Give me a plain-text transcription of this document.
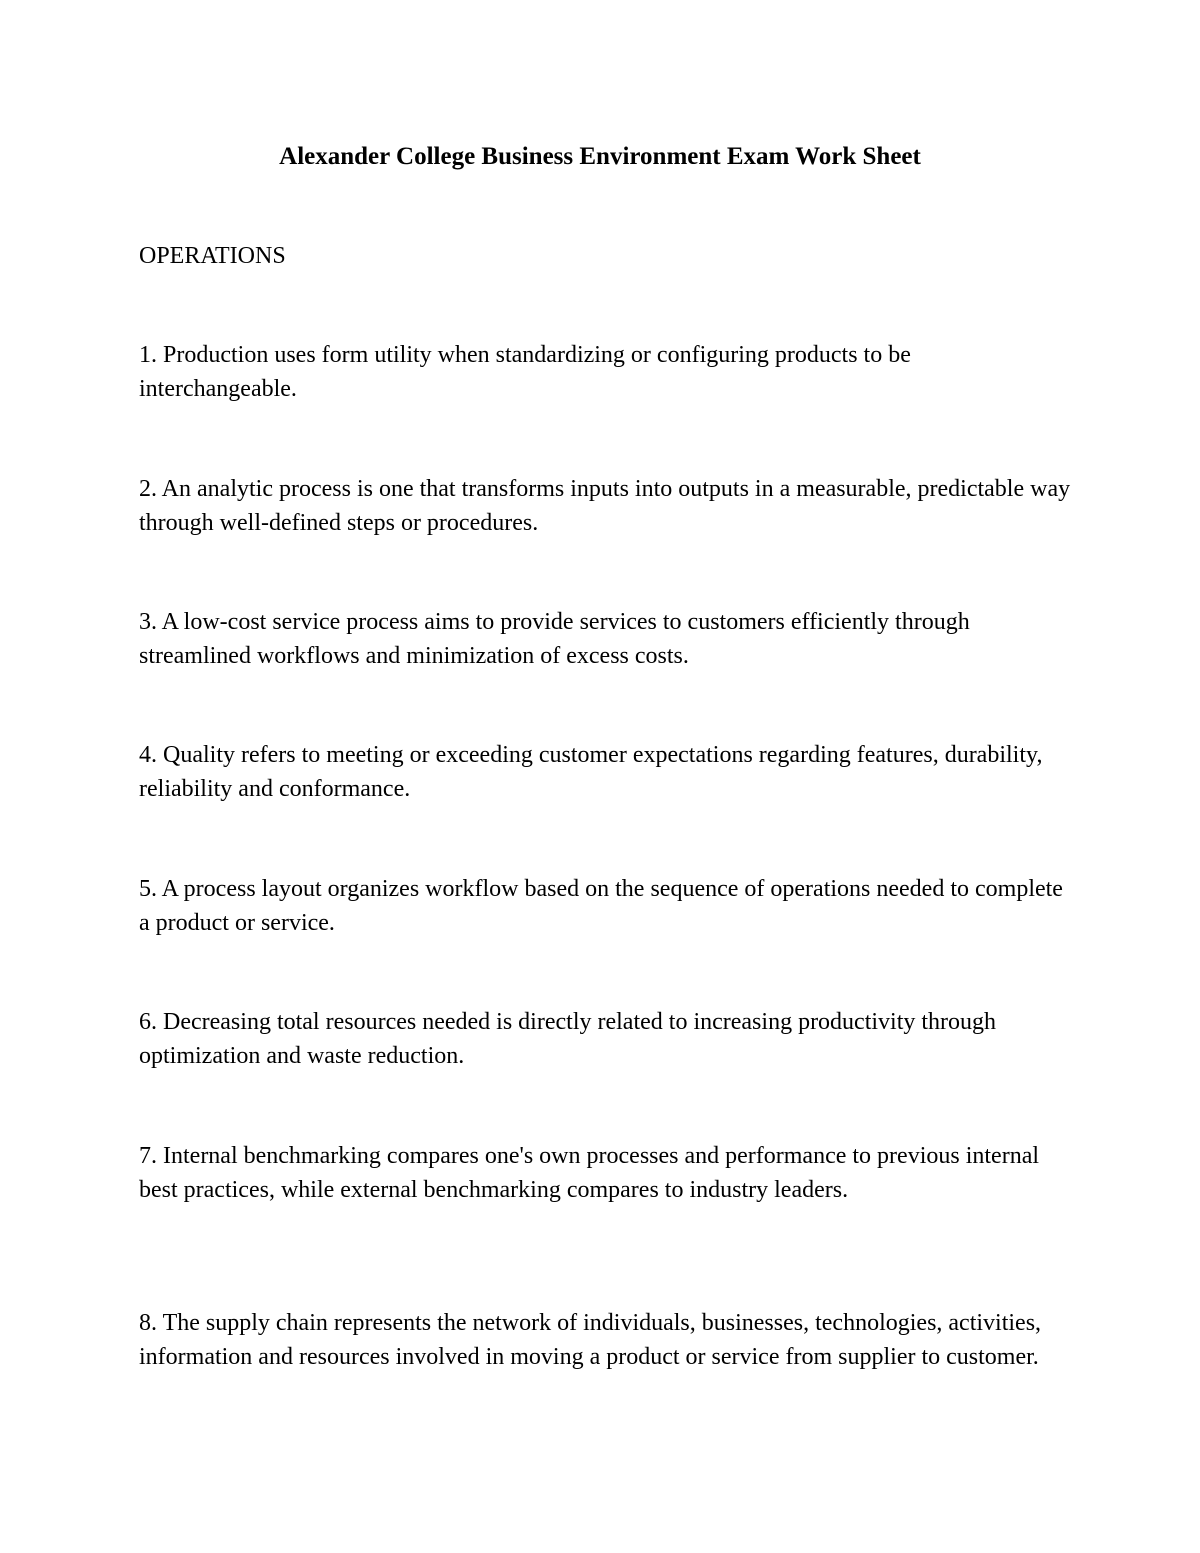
Alexander College Business Environment Exam Work Sheet
OPERATIONS

1. Production uses form utility when standardizing or configuring products to be interchangeable.

2. An analytic process is one that transforms inputs into outputs in a measurable, predictable way through well-defined steps or procedures.

3. A low-cost service process aims to provide services to customers efficiently through streamlined workflows and minimization of excess costs.

4. Quality refers to meeting or exceeding customer expectations regarding features, durability, reliability and conformance.

5. A process layout organizes workflow based on the sequence of operations needed to complete a product or service.

6. Decreasing total resources needed is directly related to increasing productivity through optimization and waste reduction.

7. Internal benchmarking compares one's own processes and performance to previous internal best practices, while external benchmarking compares to industry leaders.

8. The supply chain represents the network of individuals, businesses, technologies, activities, information and resources involved in moving a product or service from supplier to customer.
